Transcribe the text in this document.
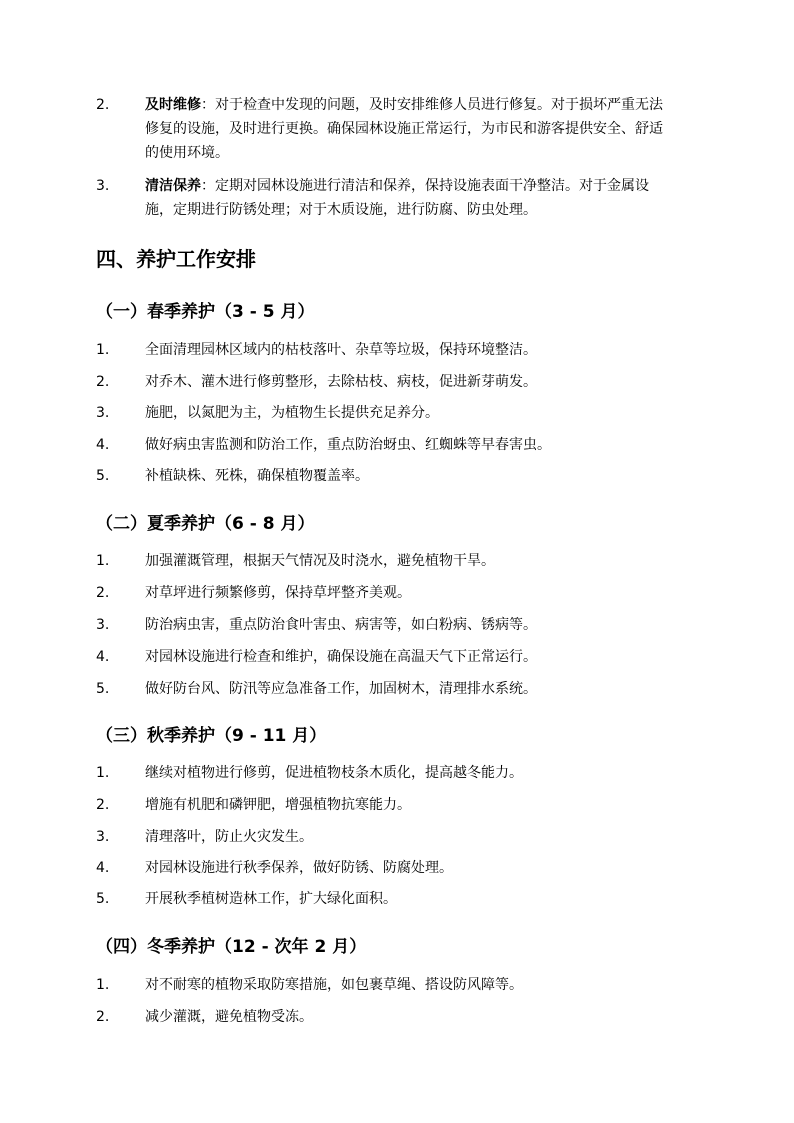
2.	及时维修：对于检查中发现的问题，及时安排维修人员进行修复。对于损坏严重无法
修复的设施，及时进行更换。确保园林设施正常运行，为市民和游客提供安全、舒适
的使用环境。
3.	清洁保养：定期对园林设施进行清洁和保养，保持设施表面干净整洁。对于金属设
施，定期进行防锈处理；对于木质设施，进行防腐、防虫处理。
四、养护工作安排
（一）春季养护（3 - 5 月）
1.	全面清理园林区域内的枯枝落叶、杂草等垃圾，保持环境整洁。
2.	对乔木、灌木进行修剪整形，去除枯枝、病枝，促进新芽萌发。
3.	施肥，以氮肥为主，为植物生长提供充足养分。
4.	做好病虫害监测和防治工作，重点防治蚜虫、红蜘蛛等早春害虫。
5.	补植缺株、死株，确保植物覆盖率。
（二）夏季养护（6 - 8 月）
1.	加强灌溉管理，根据天气情况及时浇水，避免植物干旱。
2.	对草坪进行频繁修剪，保持草坪整齐美观。
3.	防治病虫害，重点防治食叶害虫、病害等，如白粉病、锈病等。
4.	对园林设施进行检查和维护，确保设施在高温天气下正常运行。
5.	做好防台风、防汛等应急准备工作，加固树木，清理排水系统。
（三）秋季养护（9 - 11 月）
1.	继续对植物进行修剪，促进植物枝条木质化，提高越冬能力。
2.	增施有机肥和磷钾肥，增强植物抗寒能力。
3.	清理落叶，防止火灾发生。
4.	对园林设施进行秋季保养，做好防锈、防腐处理。
5.	开展秋季植树造林工作，扩大绿化面积。
（四）冬季养护（12 - 次年 2 月）
1.	对不耐寒的植物采取防寒措施，如包裹草绳、搭设防风障等。
2.	减少灌溉，避免植物受冻。
